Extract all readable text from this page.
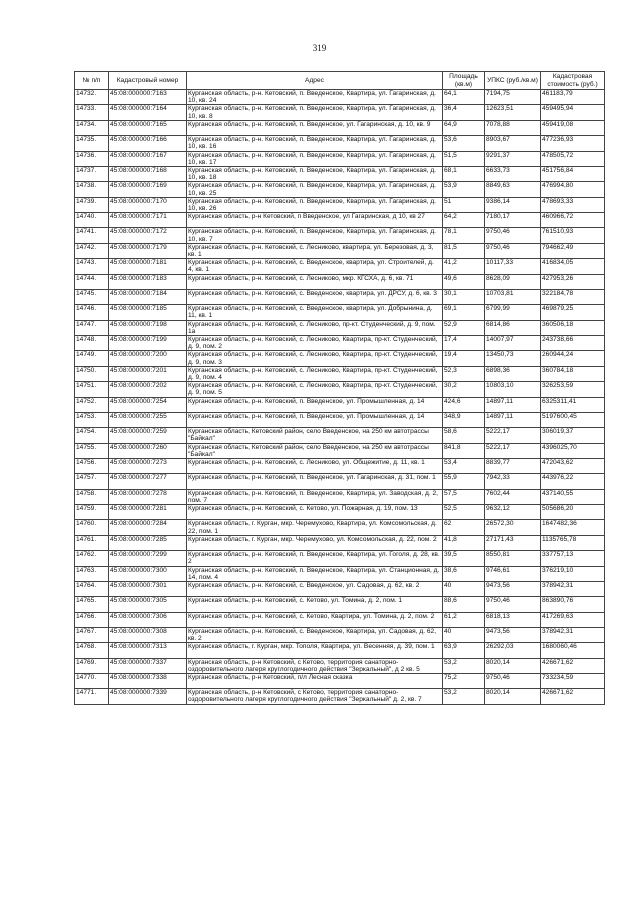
319
№ п/п	Кадастровый номер	Адрес	Площадь (кв.м)	УПКС (руб./кв.м)	Кадастровая стоимость (руб.)
14732.	45:08:000000:7163	Курганская область, р-н. Кетовский, п. Введенское, Квартира, ул. Гагаринская, д. 10, кв. 24	64,1	7194,75	461183,79
14733.	45:08:000000:7164	Курганская область, р-н. Кетовский, п. Введенское, Квартира, ул. Гагаринская, д. 10, кв. 8	36,4	12623,51	459495,94
14734.	45:08:000000:7165	Курганская область, р-н. Кетовский, п. Введенское, ул. Гагаринская, д. 10, кв. 9	64,9	7078,88	459419,08
14735.	45:08:000000:7166	Курганская область, р-н. Кетовский, п. Введенское, Квартира, ул. Гагаринская, д. 10, кв. 16	53,6	8903,67	477236,93
14736.	45:08:000000:7167	Курганская область, р-н. Кетовский, п. Введенское, Квартира, ул. Гагаринская, д. 10, кв. 17	51,5	9291,37	478505,72
14737.	45:08:000000:7168	Курганская область, р-н. Кетовский, п. Введенское, Квартира, ул. Гагаринская, д. 10, кв. 18	68,1	6633,73	451756,84
14738.	45:08:000000:7169	Курганская область, р-н. Кетовский, п. Введенское, Квартира, ул. Гагаринская, д. 10, кв. 25	53,9	8849,63	476994,80
14739.	45:08:000000:7170	Курганская область, р-н. Кетовский, п. Введенское, Квартира, ул. Гагаринская, д. 10, кв. 26	51	9386,14	478693,33
14740.	45:08:000000:7171	Курганская область, р-н Кетовский, п Введенское, ул Гагаринская, д 10, кв 27	64,2	7180,17	460966,72
14741.	45:08:000000:7172	Курганская область, р-н. Кетовский, п. Введенское, Квартира, ул. Гагаринская, д. 10, кв. 7	78,1	9750,46	761510,93
14742.	45:08:000000:7179	Курганская область, р-н. Кетовский, с. Лесниково, квартира, ул. Березовая, д. 3, кв. 1	81,5	9750,46	794662,49
14743.	45:08:000000:7181	Курганская область, р-н. Кетовский, с. Введенское, квартира, ул. Строителей, д. 4, кв. 1	41,2	10117,33	416834,05
14744.	45:08:000000:7183	Курганская область, р-н. Кетовский, с. Лесниково, мкр. КГСХА, д. 6, кв. 71	49,6	8628,09	427953,26
14745.	45:08:000000:7184	Курганская область, р-н. Кетовский, с. Введенское, квартира, ул. ДРСУ, д. 6, кв. 3	30,1	10703,81	322184,78
14746.	45:08:000000:7185	Курганская область, р-н. Кетовский, с. Введенское, квартира, ул. Добрынина, д. 11, кв. 1	69,1	6799,99	469879,25
14747.	45:08:000000:7198	Курганская область, р-н. Кетовский, с. Лесниково, пр-кт. Студенческий, д. 9, пом. 1а	52,9	6814,86	360506,18
14748.	45:08:000000:7199	Курганская область, р-н. Кетовский, с. Лесниково, Квартира, пр-кт. Студенческий, д. 9, пом. 2	17,4	14007,97	243738,66
14749.	45:08:000000:7200	Курганская область, р-н. Кетовский, с. Лесниково, Квартира, пр-кт. Студенческий, д. 9, пом. 3	19,4	13450,73	260944,24
14750.	45:08:000000:7201	Курганская область, р-н. Кетовский, с. Лесниково, Квартира, пр-кт. Студенческий, д. 9, пом. 4	52,3	6898,36	360784,18
14751.	45:08:000000:7202	Курганская область, р-н. Кетовский, с. Лесниково, Квартира, пр-кт. Студенческий, д. 9, пом. 5	30,2	10803,10	326253,59
14752.	45:08:000000:7254	Курганская область, р-н. Кетовский, п. Введенское, ул. Промышленная, д. 14	424,6	14897,11	6325311,41
14753.	45:08:000000:7255	Курганская область, р-н. Кетовский, п. Введенское, ул. Промышленная, д. 14	348,9	14897,11	5197600,45
14754.	45:08:000000:7259	Курганская область, Кетовский район, село Введенское, на 250 км автотрассы "Байкал"	58,6	5222,17	306019,37
14755.	45:08:000000:7260	Курганская область, Кетовский район, село Введенское, на 250 км автотрассы "Байкал"	841,8	5222,17	4396025,70
14756.	45:08:000000:7273	Курганская область, р-н. Кетовский, с. Лесниково, ул. Общежитие, д. 11, кв. 1	53,4	8839,77	472043,62
14757.	45:08:000000:7277	Курганская область, р-н. Кетовский, п. Введенское, ул. Гагаринская, д. 31, пом. 1	55,9	7942,33	443976,22
14758.	45:08:000000:7278	Курганская область, р-н. Кетовский, п. Введенское, Квартира, ул. Заводская, д. 2, пом. 7	57,5	7602,44	437140,55
14759.	45:08:000000:7281	Курганская область, р-н. Кетовский, с. Кетово, ул. Пожарная, д. 19, пом. 13	52,5	9632,12	505686,20
14760.	45:08:000000:7284	Курганская область, г. Курган, мкр. Черемухово, Квартира, ул. Комсомольская, д. 22, пом. 1	62	26572,30	1647482,36
14761.	45:08:000000:7285	Курганская область, г. Курган, мкр. Черемухово, ул. Комсомольская, д. 22, пом. 2	41,8	27171,43	1135765,78
14762.	45:08:000000:7299	Курганская область, р-н. Кетовский, п. Введенское, Квартира, ул. Гоголя, д. 28, кв. 2	39,5	8550,81	337757,13
14763.	45:08:000000:7300	Курганская область, р-н. Кетовский, п. Введенское, Квартира, ул. Станционная, д. 14, пом. 4	38,6	9746,61	376219,10
14764.	45:08:000000:7301	Курганская область, р-н. Кетовский, с. Введенское, ул. Садовая, д. 62, кв. 2	40	9473,56	378942,31
14765.	45:08:000000:7305	Курганская область, р-н. Кетовский, с. Кетово, ул. Томина, д. 2, пом. 1	88,6	9750,46	863890,76
14766.	45:08:000000:7306	Курганская область, р-н. Кетовский, с. Кетово, Квартира, ул. Томина, д. 2, пом. 2	61,2	6818,13	417269,63
14767.	45:08:000000:7308	Курганская область, р-н. Кетовский, с. Введенское, Квартира, ул. Садовая, д. 62, кв. 2	40	9473,56	378942,31
14768.	45:08:000000:7313	Курганская область, г. Курган, мкр. Тополя, Квартира, ул. Весенняя, д. 39, пом. 1	63,9	26292,03	1680060,46
14769.	45:08:000000:7337	Курганская область, р-н Кетовский, с Кетово, территория санаторно-оздоровительного лагеря круглогодичного действия "Зеркальный", д 2 кв. 5	53,2	8020,14	426671,62
14770.	45:08:000000:7338	Курганская область, р-н Кетовский, п/л Лесная сказка	75,2	9750,46	733234,59
14771.	45:08:000000:7339	Курганская область, р-н Кетовский, с Кетово, территория санаторно-оздоровительного лагеря круглогодичного действия "Зеркальный" д. 2, кв. 7	53,2	8020,14	426671,62
